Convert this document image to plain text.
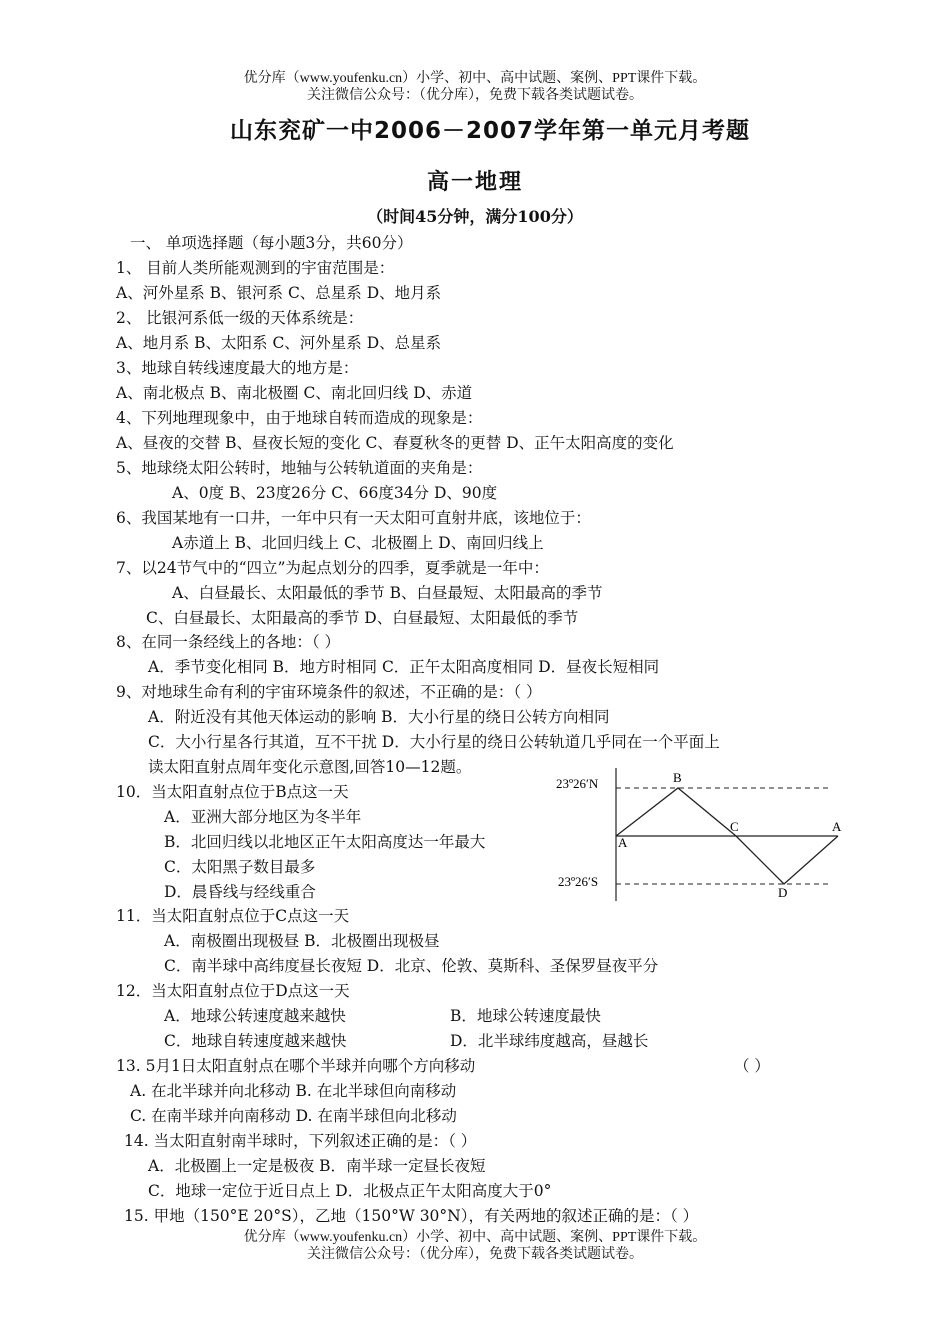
优分库（www.youfenku.cn）小学、初中、高中试题、案例、PPT课件下载。
关注微信公众号：（优分库），免费下载各类试题试卷。
山东兖矿一中2006－2007学年第一单元月考题
高一地理
（时间45分钟，满分100分）
一、 单项选择题（每小题3分，共60分）
1、 目前人类所能观测到的宇宙范围是：
A、河外星系 B、银河系 C、总星系 D、地月系
2、 比银河系低一级的天体系统是：
A、地月系 B、太阳系 C、河外星系 D、总星系
3、地球自转线速度最大的地方是：
A、南北极点 B、南北极圈 C、南北回归线 D、赤道
4、下列地理现象中，由于地球自转而造成的现象是：
A、昼夜的交替 B、昼夜长短的变化 C、春夏秋冬的更替 D、正午太阳高度的变化
5、地球绕太阳公转时，地轴与公转轨道面的夹角是：
A、0度 B、23度26分 C、66度34分 D、90度
6、我国某地有一口井，一年中只有一天太阳可直射井底，该地位于：
A赤道上 B、北回归线上 C、北极圈上 D、南回归线上
7、以24节气中的“四立”为起点划分的四季，夏季就是一年中：
A、白昼最长、太阳最低的季节 B、白昼最短、太阳最高的季节
C、白昼最长、太阳最高的季节 D、白昼最短、太阳最低的季节
8、在同一条经线上的各地：（ ）
A．季节变化相同 B．地方时相同 C．正午太阳高度相同 D．昼夜长短相同
9、对地球生命有利的宇宙环境条件的叙述，不正确的是：（ ）
A．附近没有其他天体运动的影响 B．大小行星的绕日公转方向相同
C．大小行星各行其道，互不干扰 D．大小行星的绕日公转轨道几乎同在一个平面上
读太阳直射点周年变化示意图,回答10—12题。
10．当太阳直射点位于B点这一天
A．亚洲大部分地区为冬半年
B．北回归线以北地区正午太阳高度达一年最大
C．太阳黑子数目最多
D．晨昏线与经线重合
23º26′N
23º26′S
A
B
C
D
A
11．当太阳直射点位于C点这一天
A．南极圈出现极昼 B．北极圈出现极昼
C．南半球中高纬度昼长夜短 D．北京、伦敦、莫斯科、圣保罗昼夜平分
12．当太阳直射点位于D点这一天
A．地球公转速度越来越快	B．地球公转速度最快
C．地球自转速度越来越快	D．北半球纬度越高，昼越长
13. 5月1日太阳直射点在哪个半球并向哪个方向移动	（ ）
A. 在北半球并向北移动 B. 在北半球但向南移动
C. 在南半球并向南移动 D. 在南半球但向北移动
14. 当太阳直射南半球时，下列叙述正确的是：（ ）
A．北极圈上一定是极夜 B．南半球一定昼长夜短
C．地球一定位于近日点上 D．北极点正午太阳高度大于0°
15. 甲地（150°E 20°S），乙地（150°W 30°N），有关两地的叙述正确的是：（ ）
优分库（www.youfenku.cn）小学、初中、高中试题、案例、PPT课件下载。
关注微信公众号：（优分库），免费下载各类试题试卷。
